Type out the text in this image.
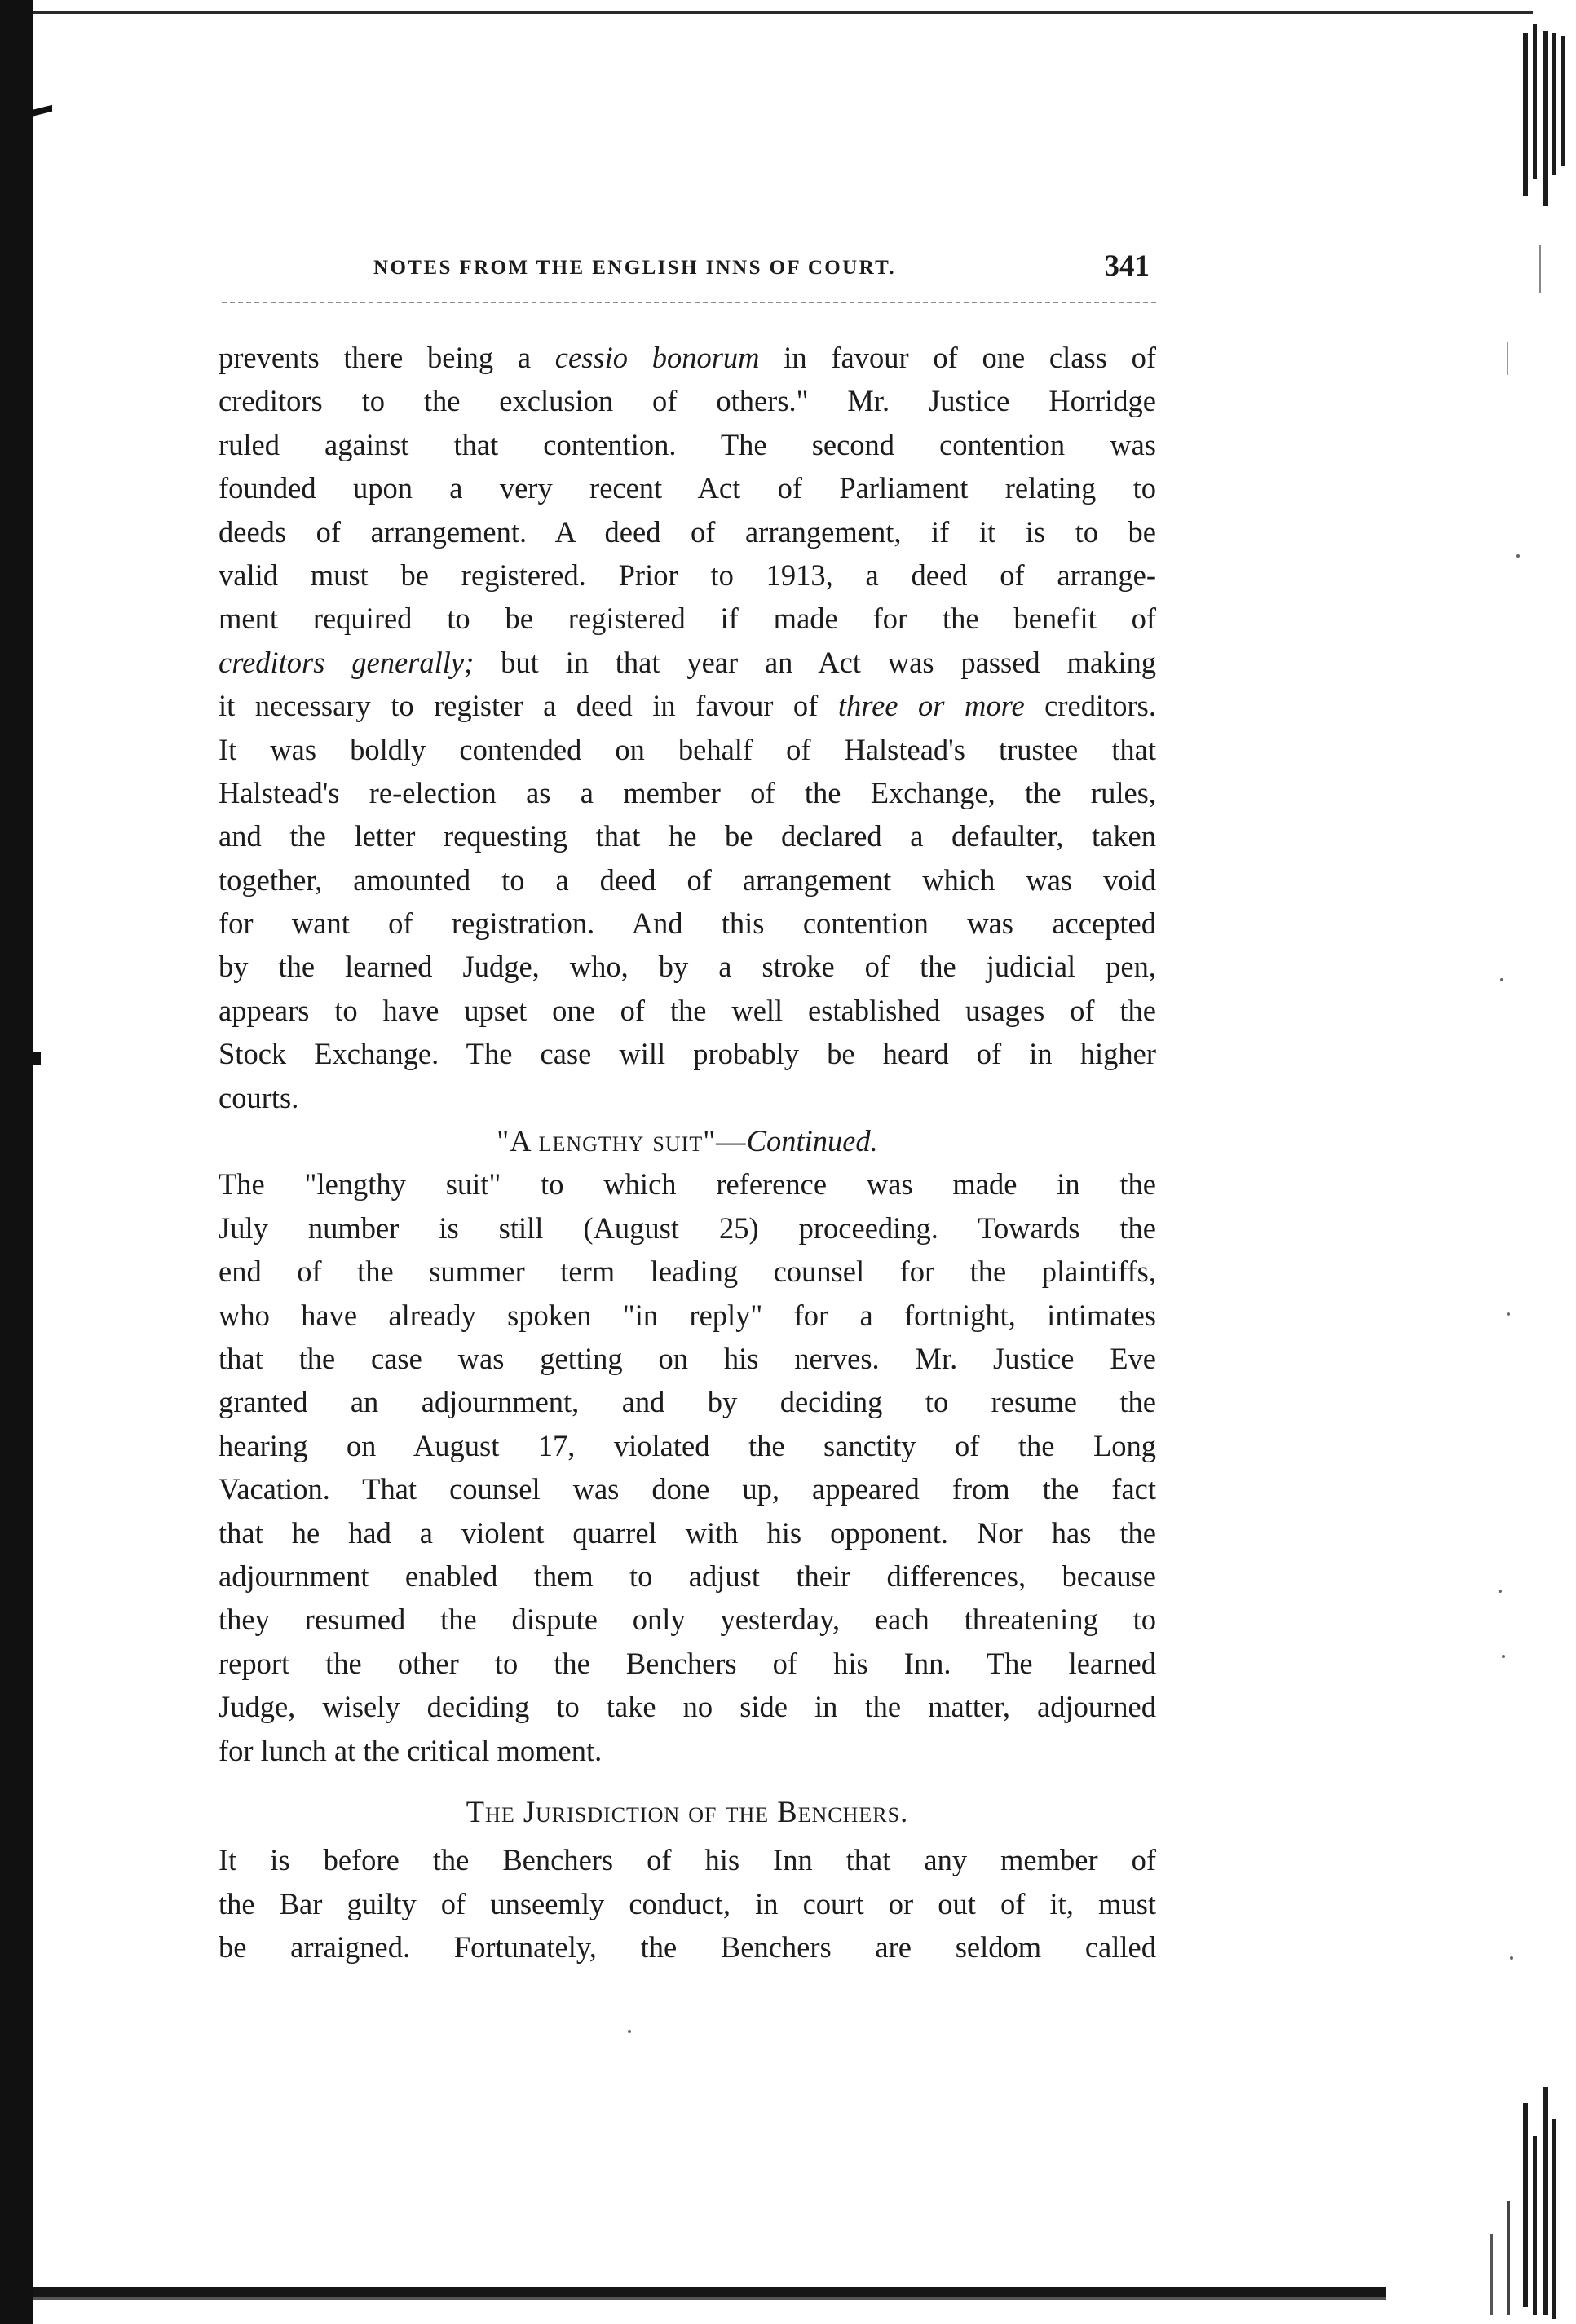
NOTES FROM THE ENGLISH INNS OF COURT.	341
prevents there being a cessio bonorum in favour of one class of
creditors to the exclusion of others." Mr. Justice Horridge
ruled against that contention. The second contention was
founded upon a very recent Act of Parliament relating to
deeds of arrangement. A deed of arrangement, if it is to be
valid must be registered. Prior to 1913, a deed of arrange-
ment required to be registered if made for the benefit of
creditors generally; but in that year an Act was passed making
it necessary to register a deed in favour of three or more creditors.
It was boldly contended on behalf of Halstead's trustee that
Halstead's re-election as a member of the Exchange, the rules,
and the letter requesting that he be declared a defaulter, taken
together, amounted to a deed of arrangement which was void
for want of registration. And this contention was accepted
by the learned Judge, who, by a stroke of the judicial pen,
appears to have upset one of the well established usages of the
Stock Exchange. The case will probably be heard of in higher
courts.
"A lengthy suit"—Continued.
The "lengthy suit" to which reference was made in the
July number is still (August 25) proceeding. Towards the
end of the summer term leading counsel for the plaintiffs,
who have already spoken "in reply" for a fortnight, intimates
that the case was getting on his nerves. Mr. Justice Eve
granted an adjournment, and by deciding to resume the
hearing on August 17, violated the sanctity of the Long
Vacation. That counsel was done up, appeared from the fact
that he had a violent quarrel with his opponent. Nor has the
adjournment enabled them to adjust their differences, because
they resumed the dispute only yesterday, each threatening to
report the other to the Benchers of his Inn. The learned
Judge, wisely deciding to take no side in the matter, adjourned
for lunch at the critical moment.
The Jurisdiction of the Benchers.
It is before the Benchers of his Inn that any member of
the Bar guilty of unseemly conduct, in court or out of it, must
be arraigned. Fortunately, the Benchers are seldom called
